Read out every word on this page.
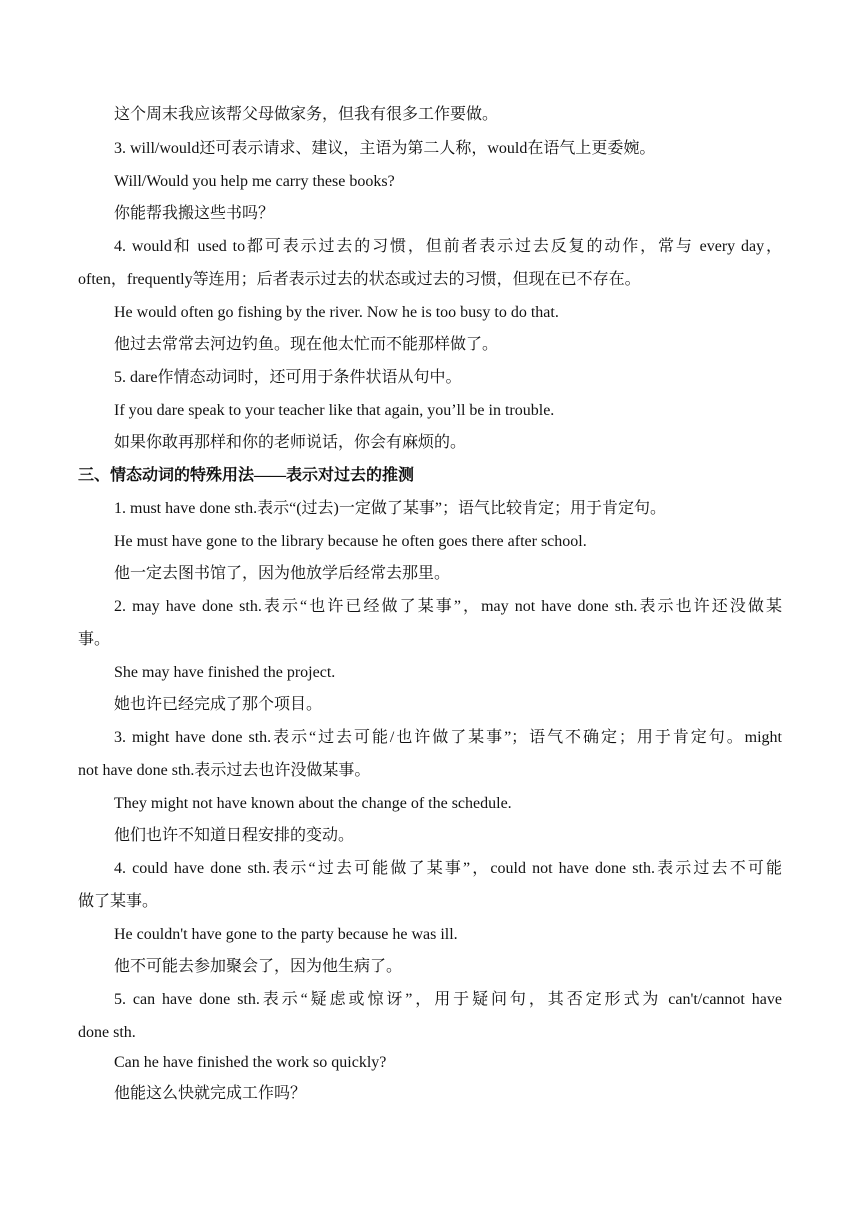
这个周末我应该帮父母做家务，但我有很多工作要做。
3. will/would还可表示请求、建议，主语为第二人称，would在语气上更委婉。
Will/Would you help me carry these books?
你能帮我搬这些书吗？
4. would和 used to都可表示过去的习惯，但前者表示过去反复的动作，常与 every day，
often，frequently等连用；后者表示过去的状态或过去的习惯，但现在已不存在。
He would often go fishing by the river. Now he is too busy to do that.
他过去常常去河边钓鱼。现在他太忙而不能那样做了。
5. dare作情态动词时，还可用于条件状语从句中。
If you dare speak to your teacher like that again, you’ll be in trouble.
如果你敢再那样和你的老师说话，你会有麻烦的。
三、情态动词的特殊用法——表示对过去的推测
1. must have done sth.表示“(过去)一定做了某事”；语气比较肯定；用于肯定句。
He must have gone to the library because he often goes there after school.
他一定去图书馆了，因为他放学后经常去那里。
2. may have done sth.表示“也许已经做了某事”，may not have done sth.表示也许还没做某
事。
She may have finished the project.
她也许已经完成了那个项目。
3. might have done sth.表示“过去可能/也许做了某事”；语气不确定；用于肯定句。might
not have done sth.表示过去也许没做某事。
They might not have known about the change of the schedule.
他们也许不知道日程安排的变动。
4. could have done sth.表示“过去可能做了某事”，could not have done sth.表示过去不可能
做了某事。
He couldn't have gone to the party because he was ill.
他不可能去参加聚会了，因为他生病了。
5. can have done sth.表示“疑虑或惊讶”，用于疑问句，其否定形式为 can't/cannot have
done sth.
Can he have finished the work so quickly?
他能这么快就完成工作吗？
